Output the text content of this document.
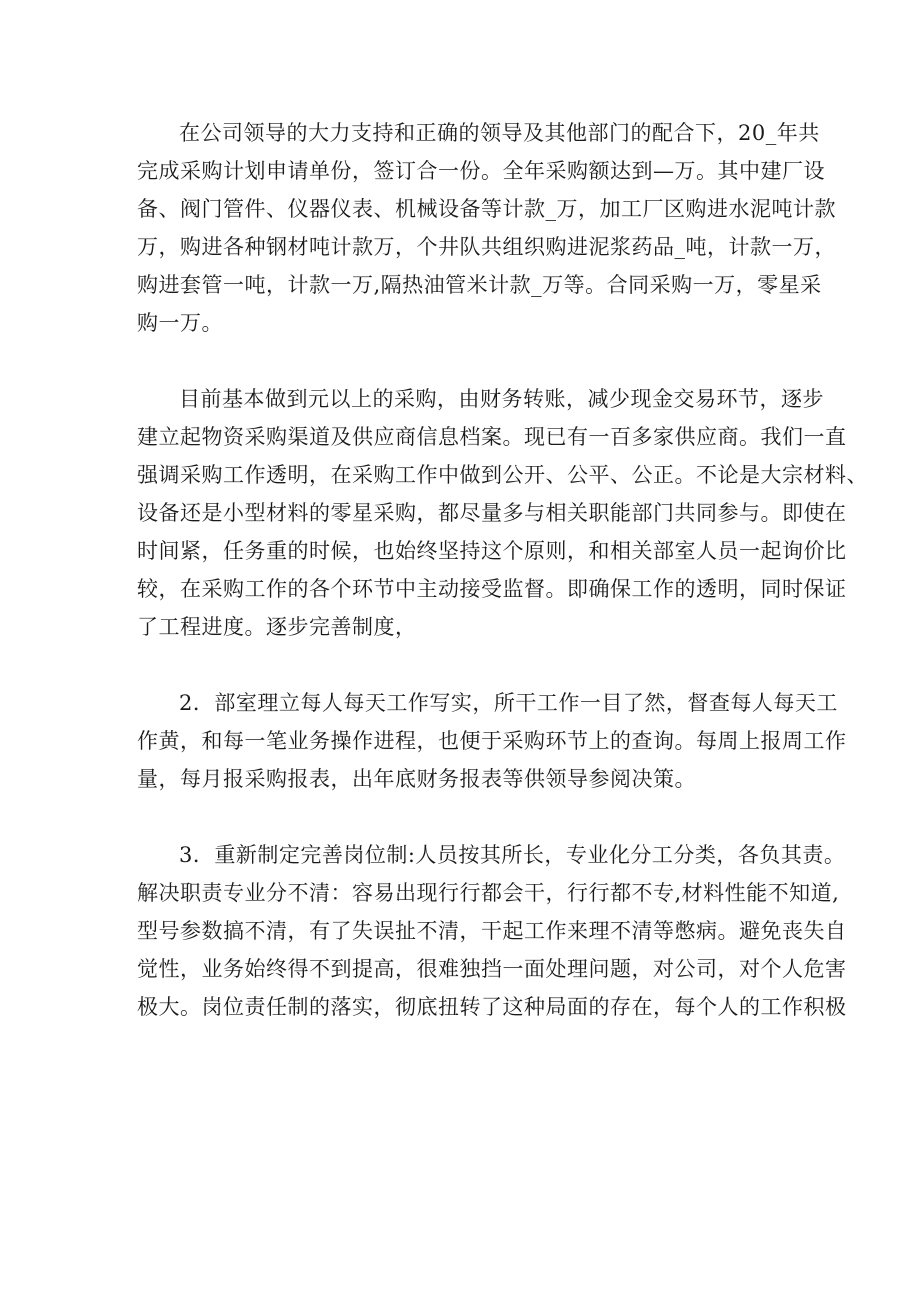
在公司领导的大力支持和正确的领导及其他部门的配合下，20_年共
完成采购计划申请单份，签订合一份。全年采购额达到—万。其中建厂设
备、阀门管件、仪器仪表、机械设备等计款_万，加工厂区购进水泥吨计款
万，购进各种钢材吨计款万，个井队共组织购进泥浆药品_吨，计款一万，
购进套管一吨，计款一万,隔热油管米计款_万等。合同采购一万，零星采
购一万。
目前基本做到元以上的采购，由财务转账，减少现金交易环节，逐步
建立起物资采购渠道及供应商信息档案。现已有一百多家供应商。我们一直
强调采购工作透明，在采购工作中做到公开、公平、公正。不论是大宗材料、
设备还是小型材料的零星采购，都尽量多与相关职能部门共同参与。即使在
时间紧，任务重的时候，也始终坚持这个原则，和相关部室人员一起询价比
较，在采购工作的各个环节中主动接受监督。即确保工作的透明，同时保证
了工程进度。逐步完善制度，
2．部室理立每人每天工作写实，所干工作一目了然，督查每人每天工
作黄，和每一笔业务操作进程，也便于采购环节上的查询。每周上报周工作
量，每月报采购报表，出年底财务报表等供领导参阅决策。
3．重新制定完善岗位制:人员按其所长，专业化分工分类，各负其责。
解决职责专业分不清：容易出现行行都会干，行行都不专,材料性能不知道,
型号参数搞不清，有了失误扯不清，干起工作来理不清等憋病。避免丧失自
觉性，业务始终得不到提高，很难独挡一面处理问题，对公司，对个人危害
极大。岗位责任制的落实，彻底扭转了这种局面的存在，每个人的工作积极
